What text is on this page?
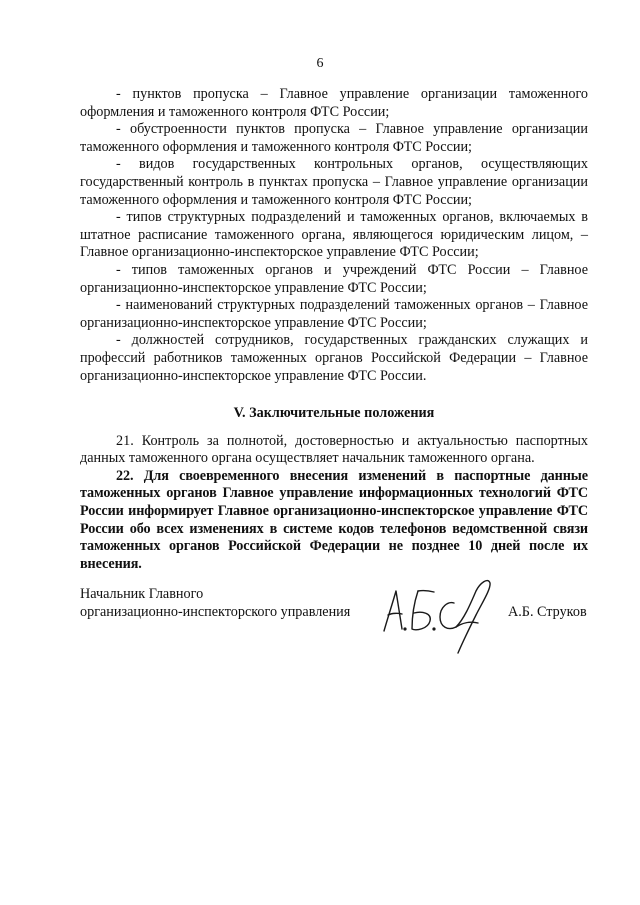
6

- пунктов пропуска – Главное управление организации таможенного оформления и таможенного контроля ФТС России;

- обустроенности пунктов пропуска – Главное управление организации таможенного оформления и таможенного контроля ФТС России;

- видов государственных контрольных органов, осуществляющих государственный контроль в пунктах пропуска – Главное управление организации таможенного оформления и таможенного контроля ФТС России;

- типов структурных подразделений и таможенных органов, включаемых в штатное расписание таможенного органа, являющегося юридическим лицом, – Главное организационно-инспекторское управление ФТС России;

- типов таможенных органов и учреждений ФТС России – Главное организационно-инспекторское управление ФТС России;

- наименований структурных подразделений таможенных органов – Главное организационно-инспекторское управление ФТС России;

- должностей сотрудников, государственных гражданских служащих и профессий работников таможенных органов Российской Федерации – Главное организационно-инспекторское управление ФТС России.

V. Заключительные положения

21. Контроль за полнотой, достоверностью и актуальностью паспортных данных таможенного органа осуществляет начальник таможенного органа.

22. Для своевременного внесения изменений в паспортные данные таможенных органов Главное управление информационных технологий ФТС России информирует Главное организационно-инспекторское управление ФТС России обо всех изменениях в системе кодов телефонов ведомственной связи таможенных органов Российской Федерации не позднее 10 дней после их внесения.

Начальник Главного
организационно-инспекторского управления	А.Б. Струков
